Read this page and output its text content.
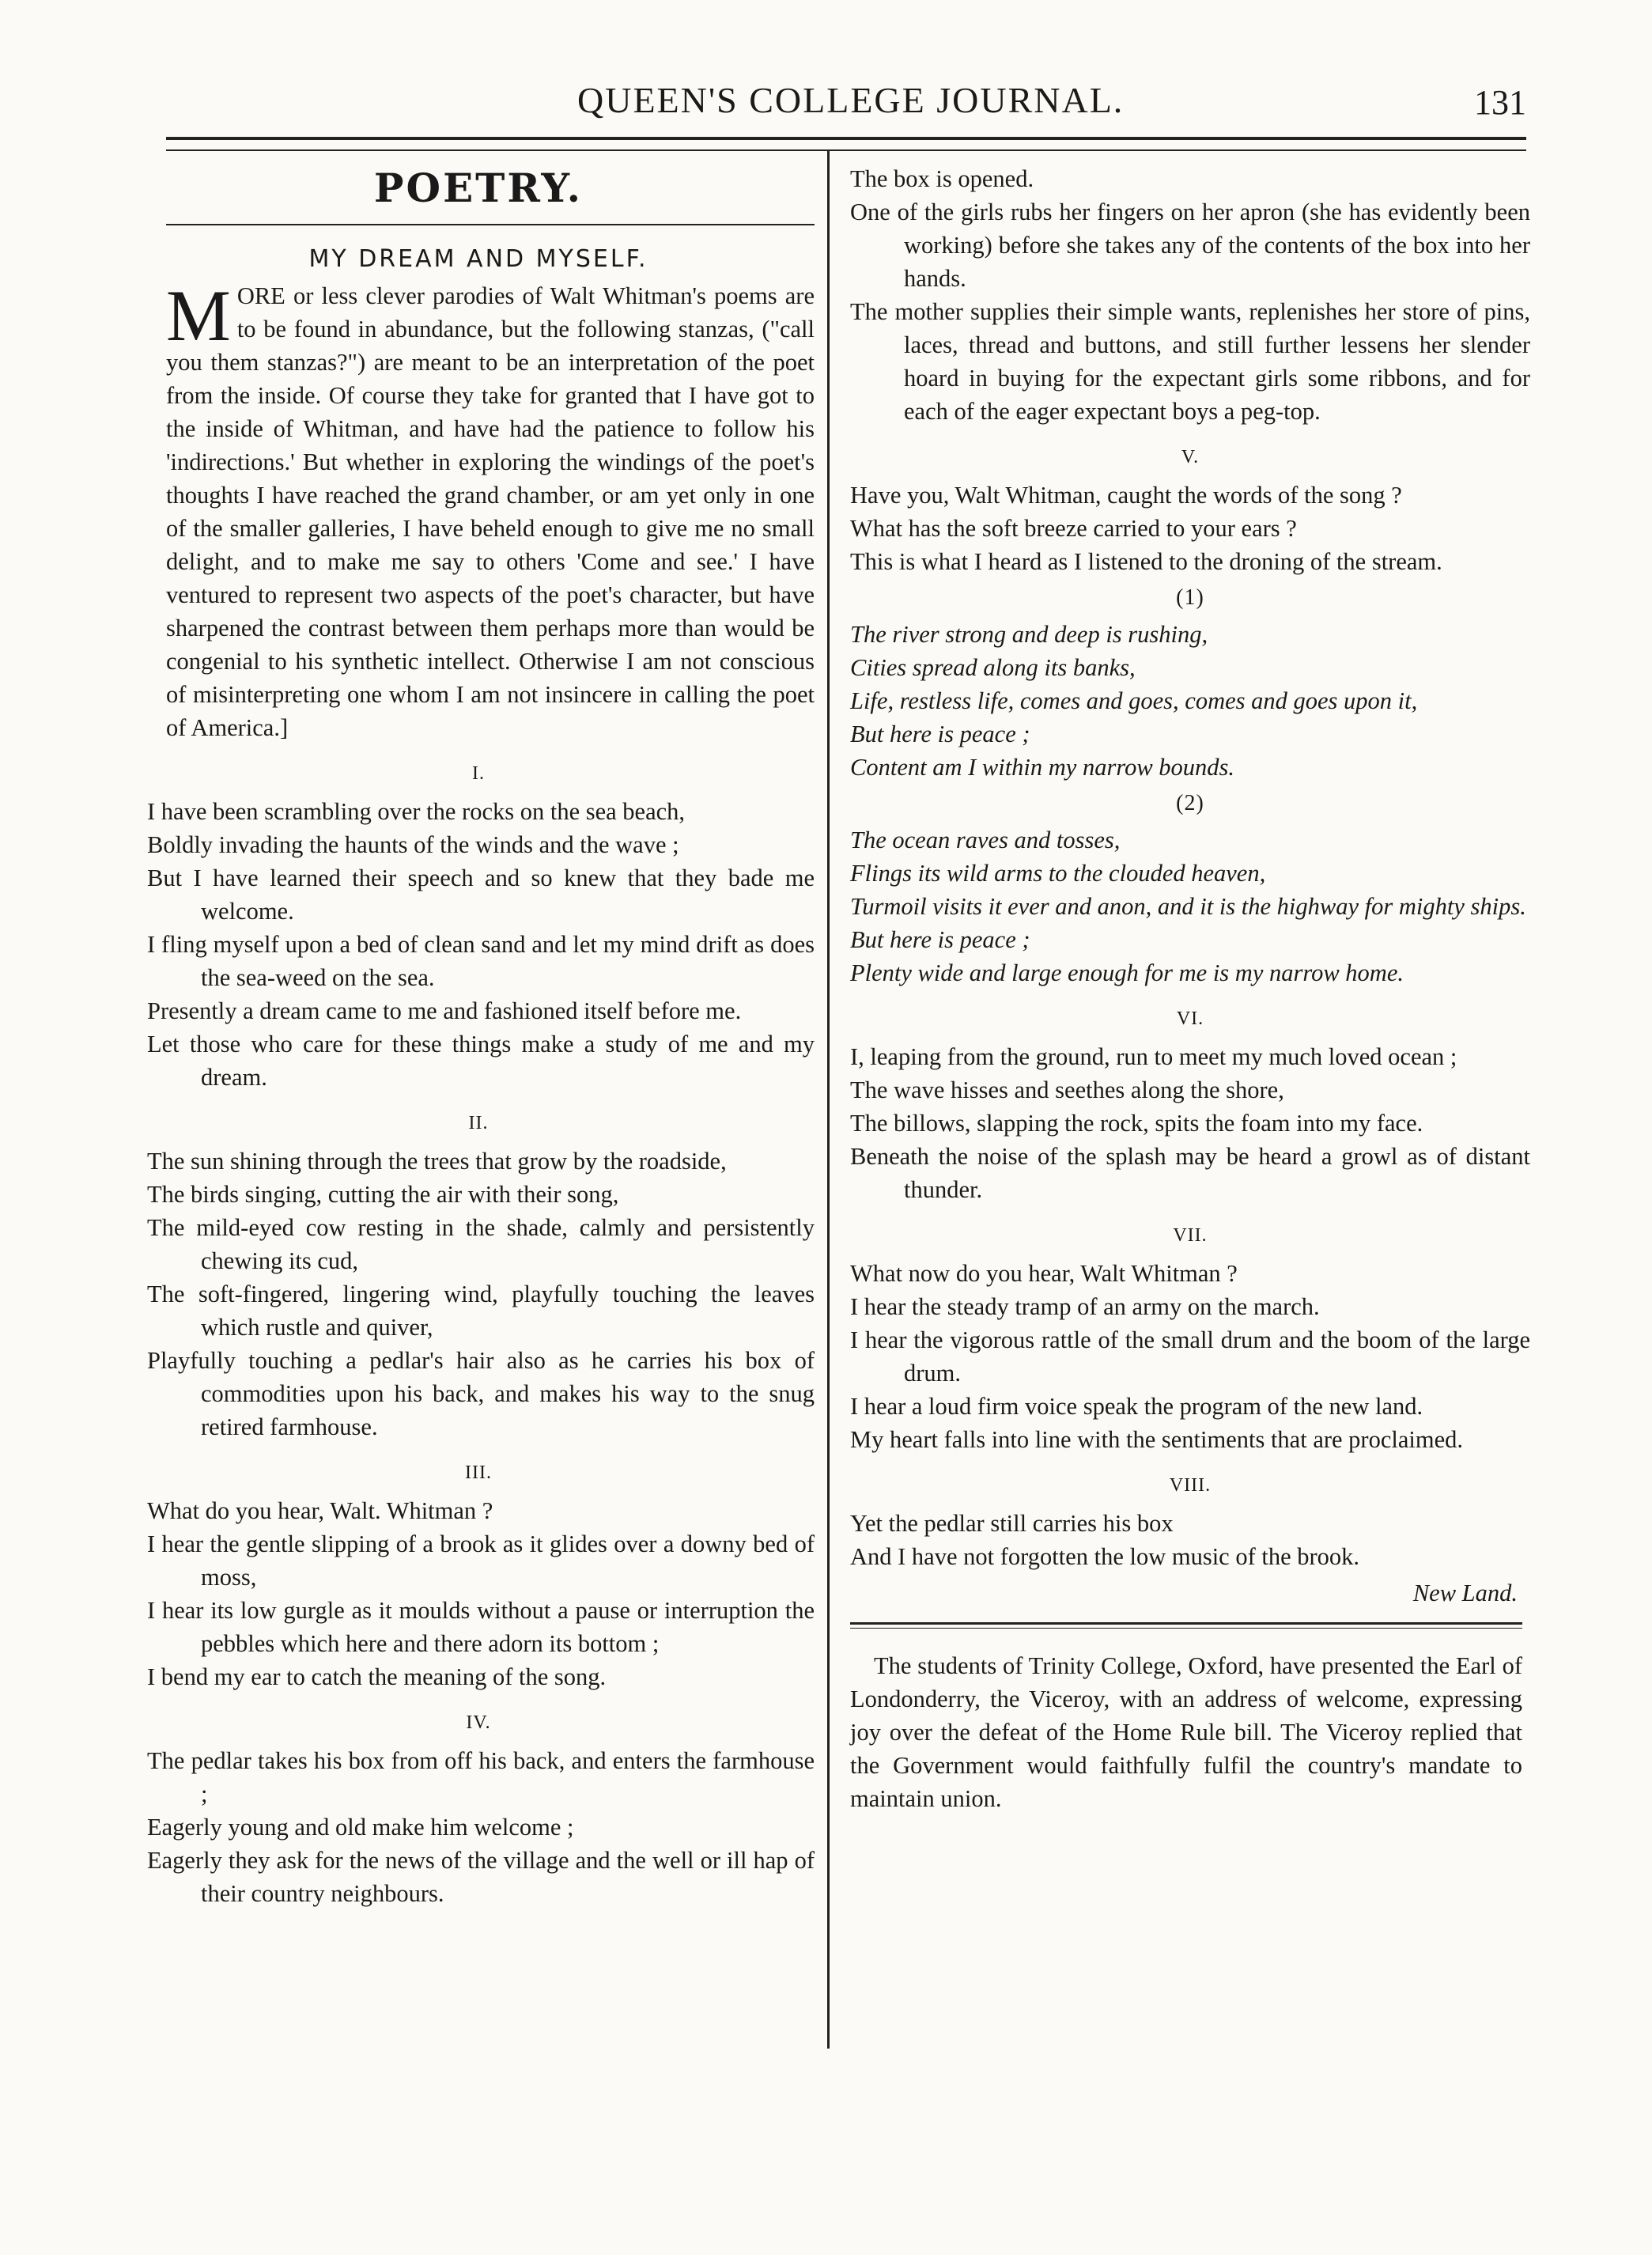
QUEEN'S COLLEGE JOURNAL.	131
POETRY.
MY DREAM AND MYSELF.
MORE or less clever parodies of Walt Whitman's poems are to be found in abundance, but the following stanzas, ("call you them stanzas?") are meant to be an interpretation of the poet from the inside. Of course they take for granted that I have got to the inside of Whitman, and have had the patience to follow his 'indirections.' But whether in exploring the windings of the poet's thoughts I have reached the grand chamber, or am yet only in one of the smaller galleries, I have beheld enough to give me no small delight, and to make me say to others 'Come and see.' I have ventured to represent two aspects of the poet's character, but have sharpened the contrast between them perhaps more than would be congenial to his synthetic intellect. Otherwise I am not conscious of misinterpreting one whom I am not insincere in calling the poet of America.]
I.
I have been scrambling over the rocks on the sea beach,
Boldly invading the haunts of the winds and the wave ;
But I have learned their speech and so knew that they bade me welcome.
I fling myself upon a bed of clean sand and let my mind drift as does the sea-weed on the sea.
Presently a dream came to me and fashioned itself before me.
Let those who care for these things make a study of me and my dream.
II.
The sun shining through the trees that grow by the roadside,
The birds singing, cutting the air with their song,
The mild-eyed cow resting in the shade, calmly and persistently chewing its cud,
The soft-fingered, lingering wind, playfully touching the leaves which rustle and quiver,
Playfully touching a pedlar's hair also as he carries his box of commodities upon his back, and makes his way to the snug retired farmhouse.
III.
What do you hear, Walt. Whitman ?
I hear the gentle slipping of a brook as it glides over a downy bed of moss,
I hear its low gurgle as it moulds without a pause or interruption the pebbles which here and there adorn its bottom ;
I bend my ear to catch the meaning of the song.
IV.
The pedlar takes his box from off his back, and enters the farmhouse ;
Eagerly young and old make him welcome ;
Eagerly they ask for the news of the village and the well or ill hap of their country neighbours.
The box is opened.
One of the girls rubs her fingers on her apron (she has evidently been working) before she takes any of the contents of the box into her hands.
The mother supplies their simple wants, replenishes her store of pins, laces, thread and buttons, and still further lessens her slender hoard in buying for the expectant girls some ribbons, and for each of the eager expectant boys a peg-top.
V.
Have you, Walt Whitman, caught the words of the song ?
What has the soft breeze carried to your ears ?
This is what I heard as I listened to the droning of the stream.
(1)
The river strong and deep is rushing,
Cities spread along its banks,
Life, restless life, comes and goes, comes and goes upon it,
But here is peace ;
Content am I within my narrow bounds.
(2)
The ocean raves and tosses,
Flings its wild arms to the clouded heaven,
Turmoil visits it ever and anon, and it is the highway for mighty ships.
But here is peace ;
Plenty wide and large enough for me is my narrow home.
VI.
I, leaping from the ground, run to meet my much loved ocean ;
The wave hisses and seethes along the shore,
The billows, slapping the rock, spits the foam into my face.
Beneath the noise of the splash may be heard a growl as of distant thunder.
VII.
What now do you hear, Walt Whitman ?
I hear the steady tramp of an army on the march.
I hear the vigorous rattle of the small drum and the boom of the large drum.
I hear a loud firm voice speak the program of the new land.
My heart falls into line with the sentiments that are proclaimed.
VIII.
Yet the pedlar still carries his box
And I have not forgotten the low music of the brook.
New Land.
The students of Trinity College, Oxford, have presented the Earl of Londonderry, the Viceroy, with an address of welcome, expressing joy over the defeat of the Home Rule bill. The Viceroy replied that the Government would faithfully fulfil the country's mandate to maintain union.
